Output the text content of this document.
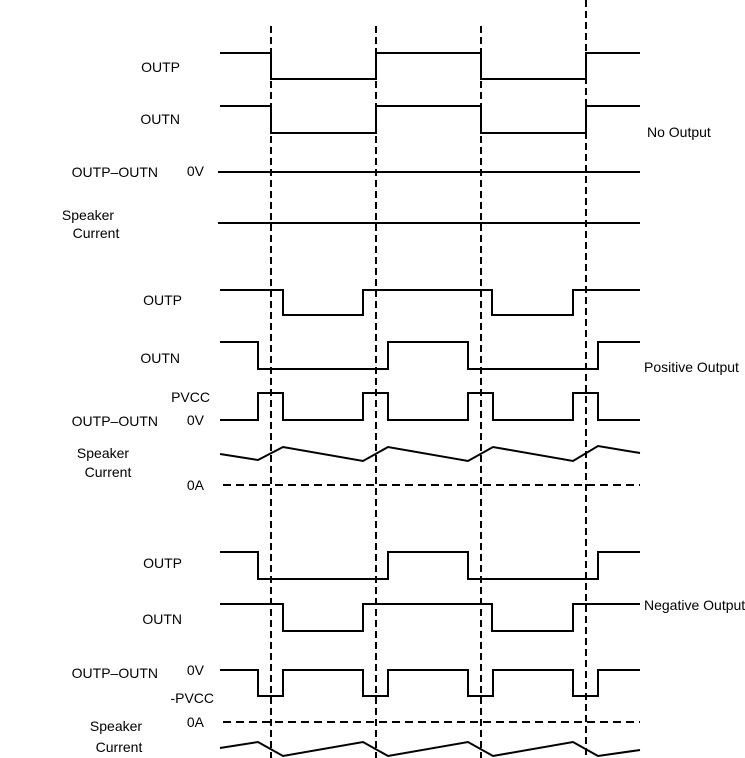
OUTP
OUTN
OUTP–OUTN 0V
Speaker
Current
No Output
OUTP
OUTN
PVCC
OUTP–OUTN 0V
Speaker
Current
0A
Positive Output
OUTP
OUTN
0V
OUTP–OUTN
-PVCC
0A
Speaker
Current
Negative Output
